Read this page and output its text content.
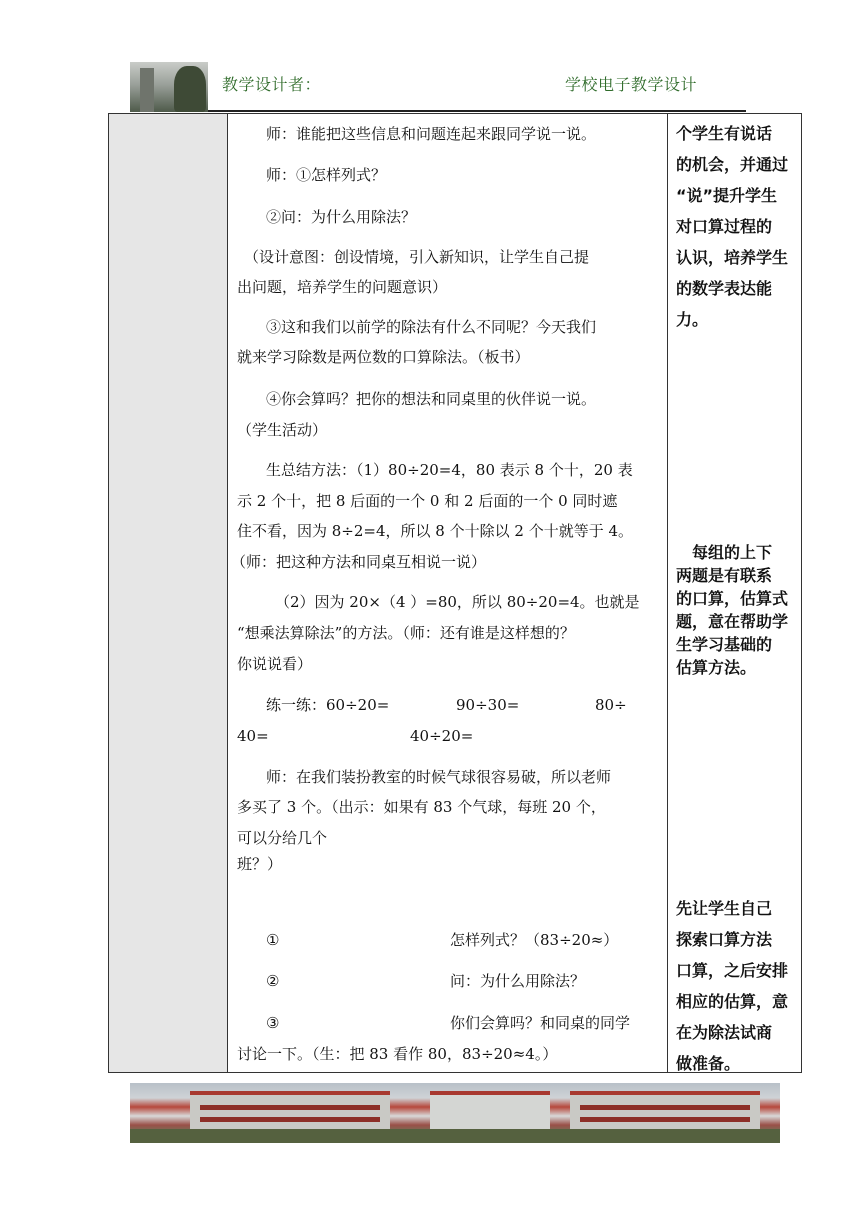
教学设计者：	学校电子教学设计
师：谁能把这些信息和问题连起来跟同学说一说。
师：①怎样列式？
②问：为什么用除法？
（设计意图：创设情境，引入新知识，让学生自己提
出问题，培养学生的问题意识）
③这和我们以前学的除法有什么不同呢？今天我们
就来学习除数是两位数的口算除法。（板书）
④你会算吗？把你的想法和同桌里的伙伴说一说。
（学生活动）
生总结方法：（1）80÷20=4，80 表示 8 个十，20 表
示 2 个十，把 8 后面的一个 0 和 2 后面的一个 0 同时遮
住不看，因为 8÷2=4，所以 8 个十除以 2 个十就等于 4。
（师：把这种方法和同桌互相说一说）
（2）因为 20×（4 ）=80，所以 80÷20=4。也就是
“想乘法算除法”的方法。（师：还有谁是这样想的？
你说说看）
练一练：60÷20=	90÷30=	80÷
40=	40÷20=
师：在我们装扮教室的时候气球很容易破，所以老师
多买了 3 个。（出示：如果有 83 个气球，每班 20 个，
可以分给几个
班？）
①	怎样列式？（83÷20≈）
②	问：为什么用除法？
③	你们会算吗？和同桌的同学
讨论一下。（生：把 83 看作 80，83÷20≈4。）
个学生有说话
的机会，并通过
“说”提升学生
对口算过程的
认识，培养学生
的数学表达能
力。
每组的上下
两题是有联系
的口算，估算式
题，意在帮助学
生学习基础的
估算方法。
先让学生自己
探索口算方法
口算，之后安排
相应的估算，意
在为除法试商
做准备。
